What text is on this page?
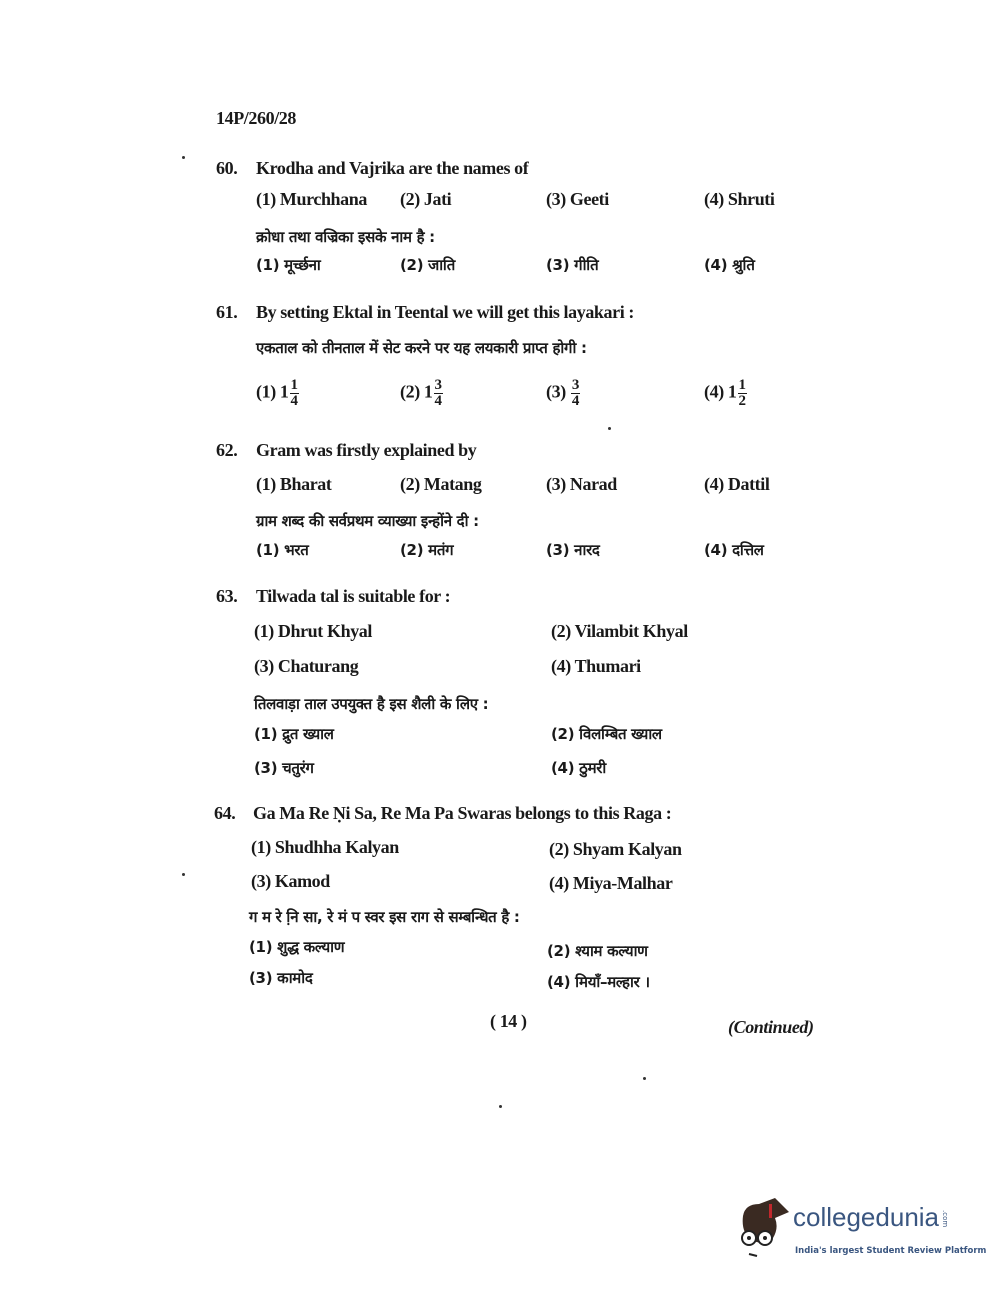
14P/260/28
60. Krodha and Vajrika are the names of
(1) Murchhana (2) Jati	(3) Geeti	(4) Shruti
क्रोधा तथा वज्रिका इसके नाम है :
(1) मूर्च्छना	(2) जाति	(3) गीति	(4) श्रुति
61. By setting Ektal in Teental we will get this layakari :
एकताल को तीनताल में सेट करने पर यह लयकारी प्राप्त होगी :
(1) $1 \frac{1}{4}$	(2) $1 \frac{3}{4}$	$(3) \frac{3}{4}$	(4) $1 \frac{1}{2}$
62. Gram was firstly explained by
(1) Bharat	(2) Matang	(3) Narad	(4) Dattil
ग्राम शब्द की सर्वप्रथम व्याख्या इन्होंने दी :
(1) भरत	(2) मतंग	(3) नारद	(4) दत्तिल
63. Tilwada tal is suitable for :
(1) Dhrut Khyal	(2) Vilambit Khyal
(3) Chaturang	(4) Thumari
तिलवाड़ा ताल उपयुक्त है इस शैली के लिए :
(1) द्रुत ख्याल	(2) विलम्बित ख्याल
(3) चतुरंग	(4) ठुमरी
64. Ga Ma Re Ṇi Sa, Re Ma Pa Swaras belongs to this Raga :
(1) Shudhha Kalyan	(2) Shyam Kalyan
(3) Kamod	(4) Miya-Malhar
ग म रे नि़ सा, रे मं प स्वर इस राग से सम्बन्धित है :
(1) शुद्ध कल्याण	(2) श्याम कल्याण
(3) कामोद	(4) मियाँ–मल्हार ।
( 14 )	(Continued)
collegedunia .com
India's largest Student Review Platform
